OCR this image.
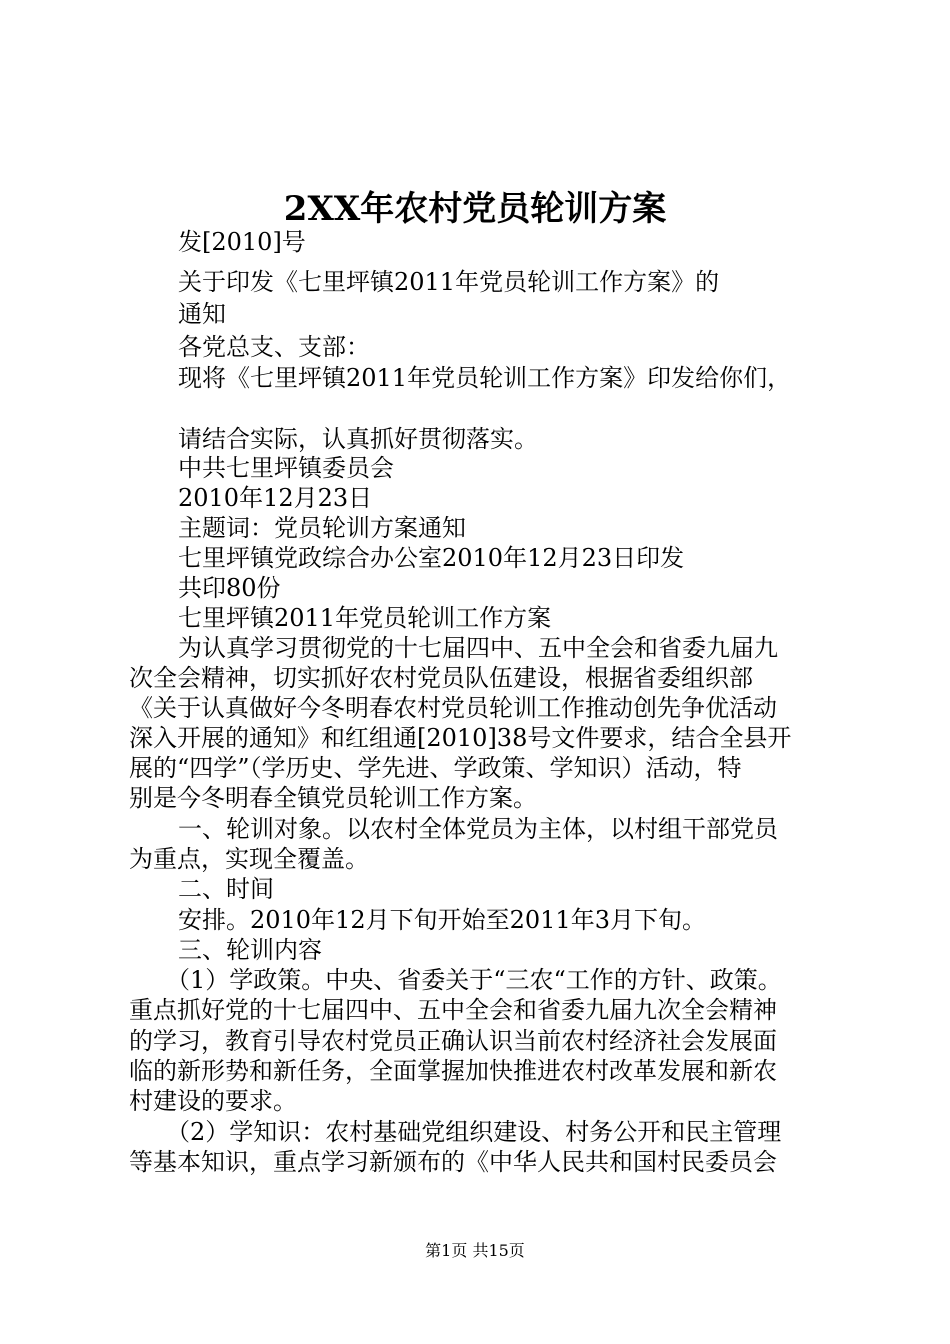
2XX年农村党员轮训方案
发[2010]号
关于印发《七里坪镇2011年党员轮训工作方案》的
通知
各党总支、支部：
现将《七里坪镇2011年党员轮训工作方案》印发给你们，
请结合实际，认真抓好贯彻落实。
中共七里坪镇委员会
2010年12月23日
主题词：党员轮训方案通知
七里坪镇党政综合办公室2010年12月23日印发
共印80份
七里坪镇2011年党员轮训工作方案
为认真学习贯彻党的十七届四中、五中全会和省委九届九
次全会精神，切实抓好农村党员队伍建设，根据省委组织部
《关于认真做好今冬明春农村党员轮训工作推动创先争优活动
深入开展的通知》和红组通[2010]38号文件要求，结合全县开
展的“四学”（学历史、学先进、学政策、学知识）活动，特
别是今冬明春全镇党员轮训工作方案。
一、轮训对象。以农村全体党员为主体，以村组干部党员
为重点，实现全覆盖。
二、时间
安排。2010年12月下旬开始至2011年3月下旬。
三、轮训内容
（1）学政策。中央、省委关于“三农“工作的方针、政策。
重点抓好党的十七届四中、五中全会和省委九届九次全会精神
的学习，教育引导农村党员正确认识当前农村经济社会发展面
临的新形势和新任务，全面掌握加快推进农村改革发展和新农
村建设的要求。
（2）学知识：农村基础党组织建设、村务公开和民主管理
等基本知识，重点学习新颁布的《中华人民共和国村民委员会
第1页 共15页
